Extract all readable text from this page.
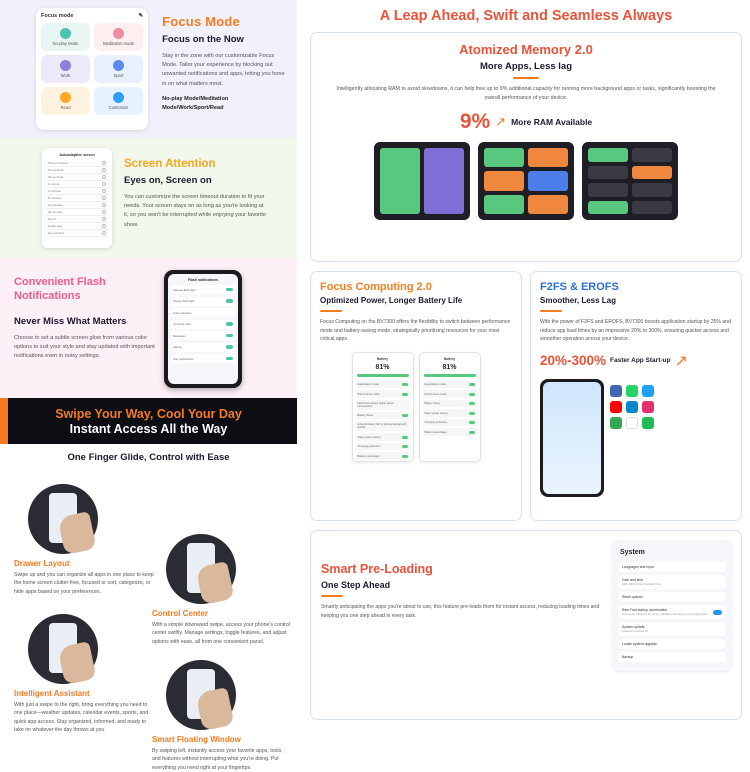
Focus mode	✎
No-play Mode	Meditation mode
Work	Sport
Read	Customize
Focus Mode
Focus on the Now
Stay in the zone with our customizable Focus Mode. Tailor your experience by blocking out unwanted notifications and apps, letting you hone in on what matters most.
No-play Mode/Meditation Mode/Work/Sport/Read
Autoadaptive screen
Screen timeout
15 seconds
30 seconds
1 minute
2 minutes
5 minutes
10 minutes
30 minutes
Never
Smart stay
Eye comfort
Screen Attention
Eyes on, Screen on
You can customize the screen timeout duration to fit your needs. Your screen stays on as long as you're looking at it, so you won't be interrupted while enjoying your favorite show.
Convenient Flash Notifications
Never Miss What Matters
Choose to set a subtle screen glow from various color options to suit your style and stay updated with important notifications even in noisy settings.
Flash notifications
Camera flash light
Screen flash light
Color selection
Incoming calls
Messages
Alarms
App notifications
Swipe Your Way, Cool Your Day
Instant Access All the Way
One Finger Glide, Control with Ease
Drawer Layout
Swipe up and you can organize all apps in one place to keep the home screen clutter-free, focused or sort, categorize, or hide apps based on your preferences.
Control Center
With a simple downward swipe, access your phone's control center swiftly. Manage settings, toggle features, and adjust options with ease, all from one convenient panel.
Intelligent Assistant
With just a swipe to the right, bring everything you need to one place—weather updates, calendar events, sports, and quick app access. Stay organized, informed, and ready to take on whatever the day throws at you.
Smart Floating Window
By swiping left, instantly access your favorite apps, tools, and features without interrupting what you're doing. Put everything you need right at your fingertips.
A Leap Ahead, Swift and Seamless Always
Atomized Memory 2.0
More Apps, Less lag
Intelligently allocating RAM to avoid slowdowns, it can help free up to 9% additional capacity for running more background apps or tasks, significantly boosting the overall performance of your device.
9% ↗ More RAM Available
Focus Computing 2.0
Optimized Power, Longer Battery Life
Focus Computing on the BV7300 offers the flexibility to switch between performance mode and battery-saving mode, strategically prioritizing resources for your most critical apps.
Battery
81%
Equalization mode
Performance mode
Maximizes speed, higher power consumption
Battery Saver
Extends battery life by limiting background activity
Super power saving
Charging protection
Battery percentage
Battery
81%
Equalization mode
Performance mode
Battery Saver
Super power saving
Charging protection
Battery percentage
F2FS & EROFS
Smoother, Less Lag
With the power of F2FS and EROFS, BV7300 boosts application startup by 25% and reduce app load times by an impressive 20% to 300%, ensuring quicker access and smoother operation across your device.
20%-300% Faster App Start-up ↗
Smart Pre-Loading
One Step Ahead
Smartly anticipating the apps you're about to use, this feature pre-loads them for instant access, reducing loading times and keeping you one step ahead in every task.
System
Languages and input
Date and time
GMT+08:00 China Standard Time
Reset options
Ram Fast startup acceleration
Improve the efficiency of memory utilization according to your usage habits
System update
Updated to Android 15
Locale system upgrade
Backup
